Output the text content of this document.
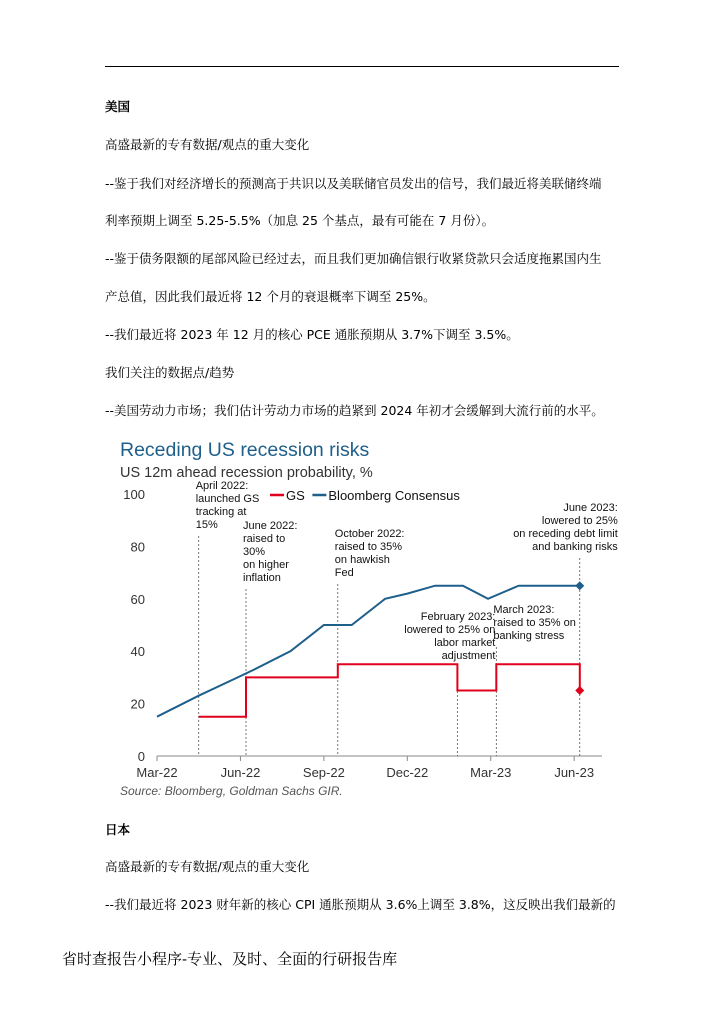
美国
高盛最新的专有数据/观点的重大变化
--鉴于我们对经济增长的预测高于共识以及美联储官员发出的信号，我们最近将美联储终端
利率预期上调至 5.25-5.5%（加息 25 个基点，最有可能在 7 月份）。
--鉴于债务限额的尾部风险已经过去，而且我们更加确信银行收紧贷款只会适度拖累国内生
产总值，因此我们最近将 12 个月的衰退概率下调至 25%。
--我们最近将 2023 年 12 月的核心 PCE 通胀预期从 3.7%下调至 3.5%。
我们关注的数据点/趋势
--美国劳动力市场；我们估计劳动力市场的趋紧到 2024 年初才会缓解到大流行前的水平。
Receding US recession risks
US 12m ahead recession probability, %
0
20
40
60
80
100
Mar-22	Jun-22	Sep-22	Dec-22	Mar-23	Jun-23
April 2022:
launched GS
tracking at
15% June 2022:
raised to
30%
on higher
inflation
October 2022:
raised to 35%
on hawkish
Fed
February 2023:
lowered to 25% on
labor market
adjustment
March 2023:
raised to 35% on
banking stress
June 2023:
lowered to 25%
on receding debt limit
and banking risks
GS Bloomberg Consensus
Source: Bloomberg, Goldman Sachs GIR.
日本
高盛最新的专有数据/观点的重大变化
--我们最近将 2023 财年新的核心 CPI 通胀预期从 3.6%上调至 3.8%，这反映出我们最新的
省时查报告小程序-专业、及时、全面的行研报告库
